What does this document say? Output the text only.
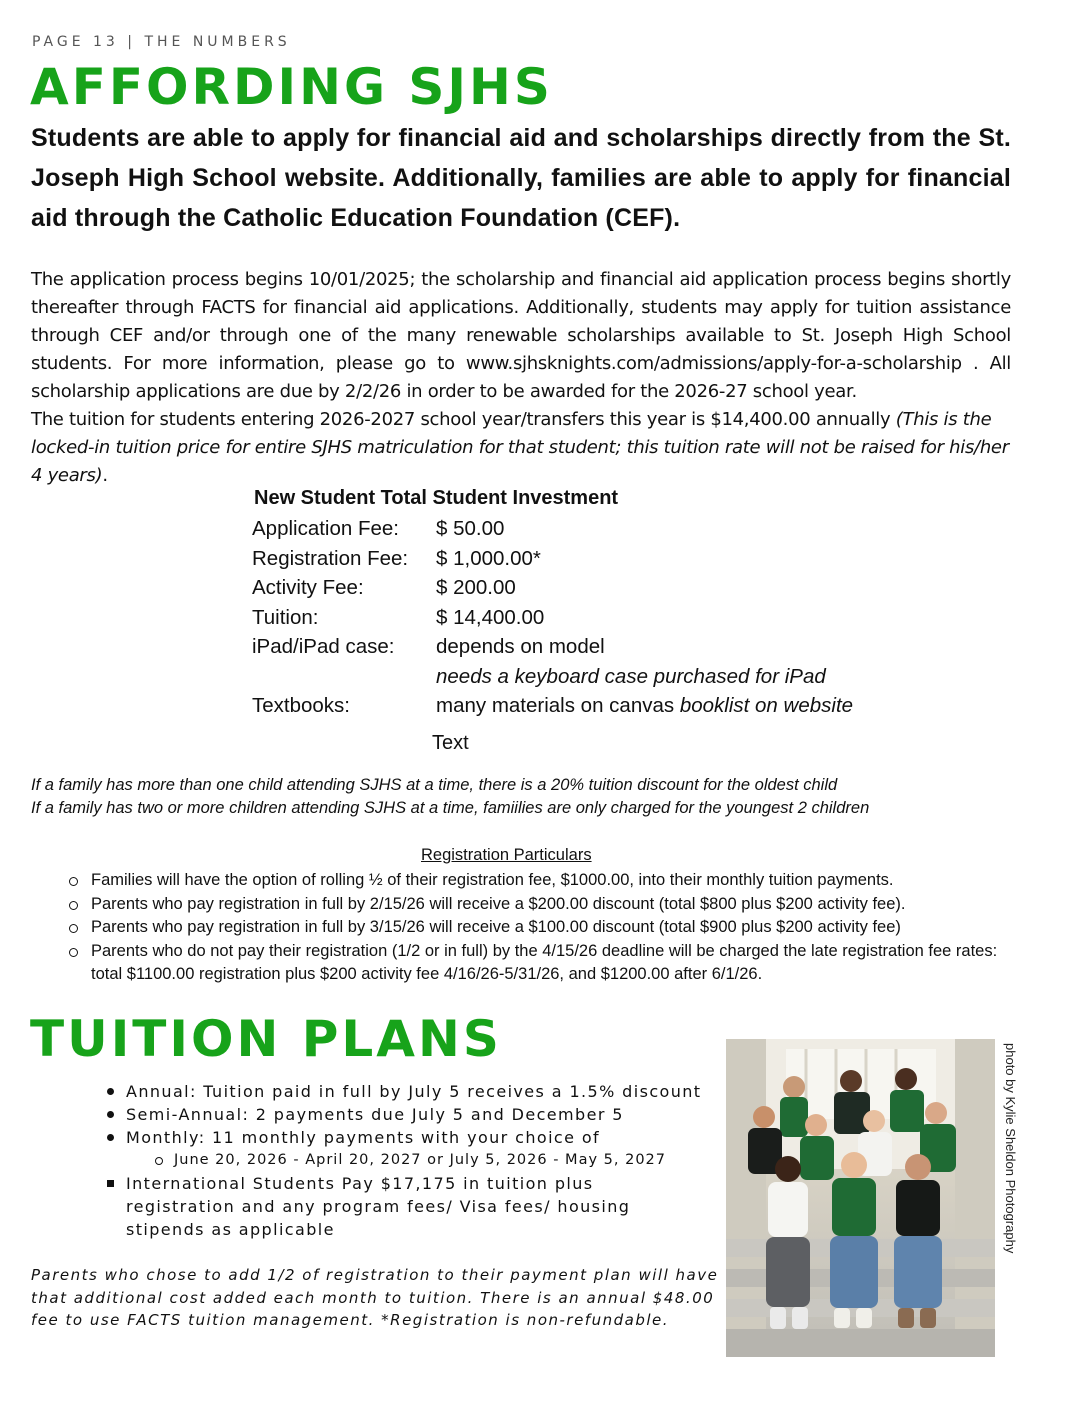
PAGE 13 | THE NUMBERS
AFFORDING SJHS
Students are able to apply for financial aid and scholarships directly from the St. Joseph High School website. Additionally, families are able to apply for financial aid through the Catholic Education Foundation (CEF).

The application process begins 10/01/2025; the scholarship and financial aid application process begins shortly thereafter through FACTS for financial aid applications. Additionally, students may apply for tuition assistance through CEF and/or through one of the many renewable scholarships available to St. Joseph High School students. For more information, please go to www.sjhsknights.com/admissions/apply-for-a-scholarship . All scholarship applications are due by 2/2/26 in order to be awarded for the 2026-27 school year.

The tuition for students entering 2026-2027 school year/transfers this year is $14,400.00 annually (This is the locked-in tuition price for entire SJHS matriculation for that student; this tuition rate will not be raised for his/her 4 years).

New Student Total Student Investment
Application Fee:	$ 50.00
Registration Fee:	$ 1,000.00*
Activity Fee:	$ 200.00
Tuition:	$ 14,400.00
iPad/iPad case:	depends on model
needs a keyboard case purchased for iPad
Textbooks:	many materials on canvas booklist on website
Text
If a family has more than one child attending SJHS at a time, there is a 20% tuition discount for the oldest child
If a family has two or more children attending SJHS at a time, famiilies are only charged for the youngest 2 children
Registration Particulars
Families will have the option of rolling ½ of their registration fee, $1000.00, into their monthly tuition payments.
Parents who pay registration in full by 2/15/26 will receive a $200.00 discount (total $800 plus $200 activity fee).
Parents who pay registration in full by 3/15/26 will receive a $100.00 discount (total $900 plus $200 activity fee)
Parents who do not pay their registration (1/2 or in full) by the 4/15/26 deadline will be charged the late registration fee rates: total $1100.00 registration plus $200 activity fee 4/16/26-5/31/26, and $1200.00 after 6/1/26.
TUITION PLANS
Annual: Tuition paid in full by July 5 receives a 1.5% discount
Semi-Annual: 2 payments due July 5 and December 5
Monthly: 11 monthly payments with your choice of
June 20, 2026 - April 20, 2027 or July 5, 2026 - May 5, 2027
International Students Pay $17,175 in tuition plus
registration and any program fees/ Visa fees/ housing
stipends as applicable
Parents who chose to add 1/2 of registration to their payment plan will have that additional cost added each month to tuition. There is an annual $48.00 fee to use FACTS tuition management. *Registration is non-refundable.
photo by Kylie Sheldon Photography
